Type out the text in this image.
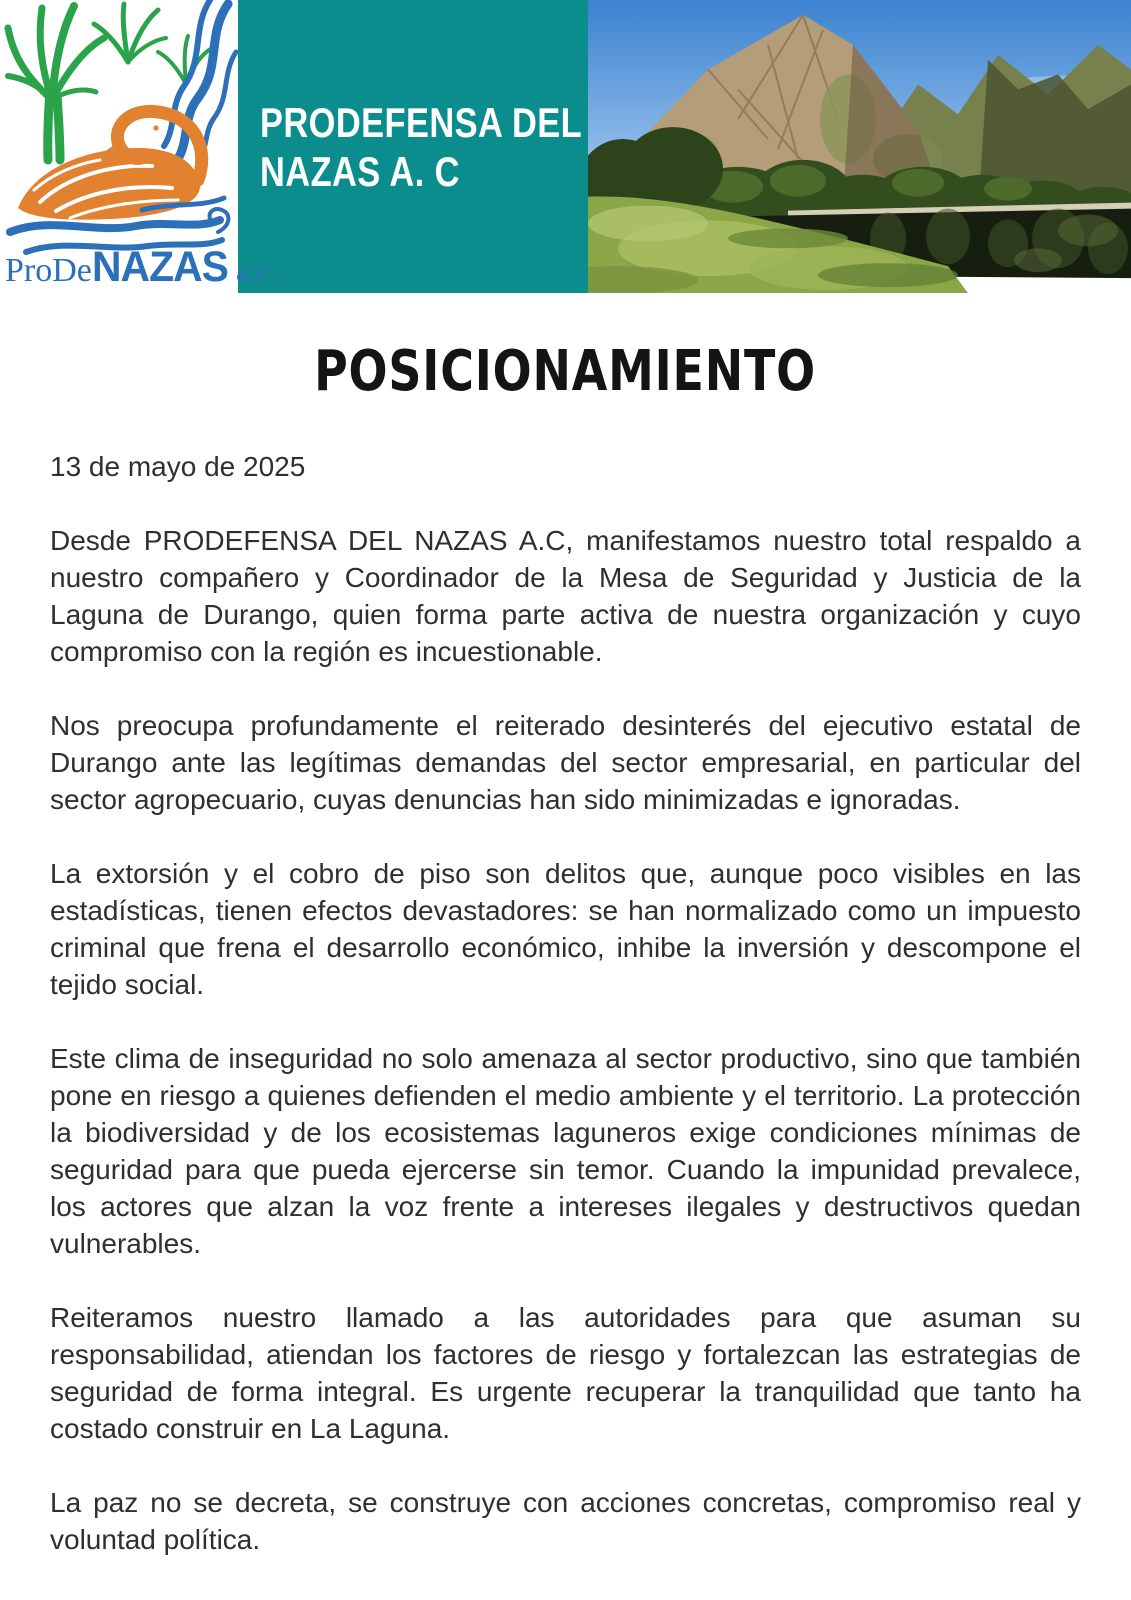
ProDe NAZAS a.c.
PRODEFENSA DEL
NAZAS A. C
POSICIONAMIENTO
13 de mayo de 2025

Desde PRODEFENSA DEL NAZAS A.C, manifestamos nuestro total respaldo a nuestro compañero y Coordinador de la Mesa de Seguridad y Justicia de la Laguna de Durango, quien forma parte activa de nuestra organización y cuyo compromiso con la región es incuestionable.

Nos preocupa profundamente el reiterado desinterés del ejecutivo estatal de Durango ante las legítimas demandas del sector empresarial, en particular del sector agropecuario, cuyas denuncias han sido minimizadas e ignoradas.

La extorsión y el cobro de piso son delitos que, aunque poco visibles en las estadísticas, tienen efectos devastadores: se han normalizado como un impuesto criminal que frena el desarrollo económico, inhibe la inversión y descompone el tejido social.

Este clima de inseguridad no solo amenaza al sector productivo, sino que también pone en riesgo a quienes defienden el medio ambiente y el territorio. La protección la biodiversidad y de los ecosistemas laguneros exige condiciones mínimas de seguridad para que pueda ejercerse sin temor. Cuando la impunidad prevalece, los actores que alzan la voz frente a intereses ilegales y destructivos quedan vulnerables.

Reiteramos nuestro llamado a las autoridades para que asuman su responsabilidad, atiendan los factores de riesgo y fortalezcan las estrategias de seguridad de forma integral. Es urgente recuperar la tranquilidad que tanto ha costado construir en La Laguna.

La paz no se decreta, se construye con acciones concretas, compromiso real y voluntad política.
